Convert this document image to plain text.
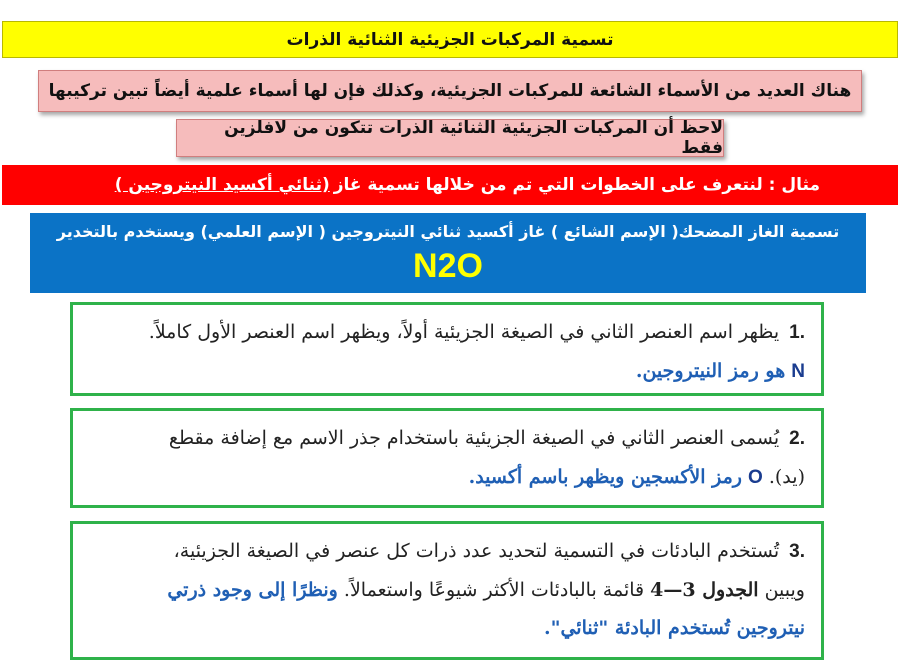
تسمية المركبات الجزيئية الثنائية الذرات
هناك العديد من الأسماء الشائعة للمركبات الجزيئية، وكذلك فإن لها أسماء علمية أيضاً تبين تركيبها
لاحظ أن المركبات الجزيئية الثنائية الذرات تتكون من لافلزين فقط
مثال : لنتعرف على الخطوات التي تم من خلالها تسمية غاز
(ثنائي أكسيد النيتروجين )
تسمية الغاز المضحك( الإسم الشائع ) غاز أكسيد ثنائي النيتروجين ( الإسم العلمي) ويستخدم بالتخدير
N2O
.1يظهر اسم العنصر الثاني في الصيغة الجزيئية أولاً، ويظهر اسم العنصر الأول كاملاً.
N هو رمز النيتروجين.
.2يُسمى العنصر الثاني في الصيغة الجزيئية باستخدام جذر الاسم مع إضافة مقطع
(يد). O رمز الأكسجين ويظهر باسم أكسيد.
.3تُستخدم البادئات في التسمية لتحديد عدد ذرات كل عنصر في الصيغة الجزيئية،
ويبين الجدول 3—4 قائمة بالبادئات الأكثر شيوعًا واستعمالاً. ونظرًا إلى وجود ذرتي
نيتروجين تُستخدم البادئة "ثنائي".
